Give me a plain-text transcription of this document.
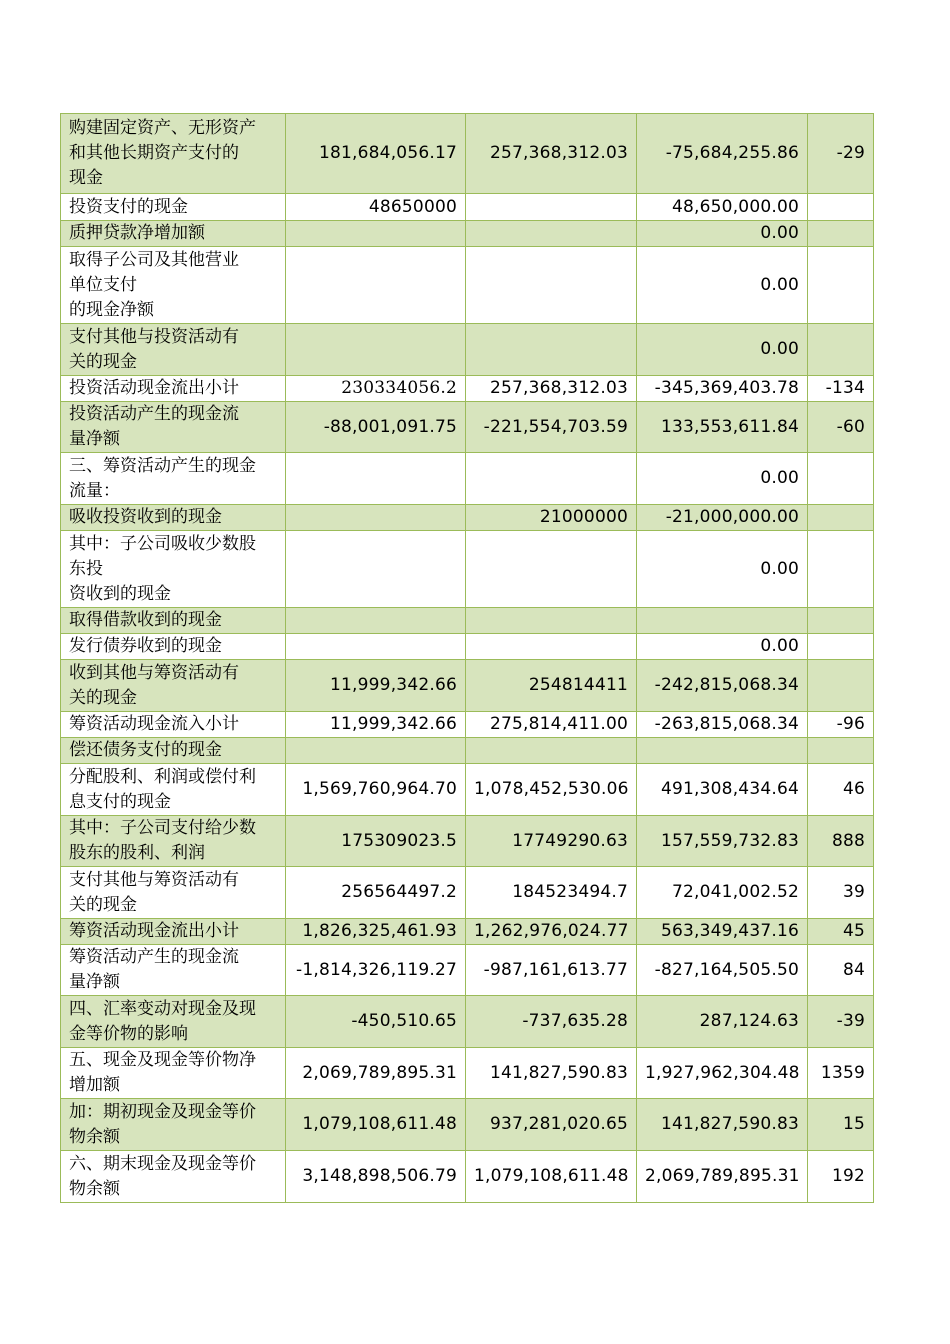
购建固定资产、无形资产
和其他长期资产支付的
现金	181,684,056.17	257,368,312.03	-75,684,255.86	-29

投资支付的现金	48650000		48,650,000.00	

质押贷款净增加额			0.00	

取得子公司及其他营业
单位支付
的现金净额			0.00	

支付其他与投资活动有
关的现金			0.00	

投资活动现金流出小计	230334056.2	257,368,312.03	-345,369,403.78	-134

投资活动产生的现金流
量净额	-88,001,091.75	-221,554,703.59	133,553,611.84	-60

三、筹资活动产生的现金
流量：			0.00	

吸收投资收到的现金		21000000	-21,000,000.00	

其中：子公司吸收少数股
东投
资收到的现金			0.00	

取得借款收到的现金				

发行债券收到的现金			0.00	

收到其他与筹资活动有
关的现金	11,999,342.66	254814411	-242,815,068.34	

筹资活动现金流入小计	11,999,342.66	275,814,411.00	-263,815,068.34	-96

偿还债务支付的现金				

分配股利、利润或偿付利
息支付的现金	1,569,760,964.70	1,078,452,530.06	491,308,434.64	46

其中：子公司支付给少数
股东的股利、利润	175309023.5	17749290.63	157,559,732.83	888

支付其他与筹资活动有
关的现金	256564497.2	184523494.7	72,041,002.52	39

筹资活动现金流出小计	1,826,325,461.93	1,262,976,024.77	563,349,437.16	45

筹资活动产生的现金流
量净额	-1,814,326,119.27	-987,161,613.77	-827,164,505.50	84

四、汇率变动对现金及现
金等价物的影响	-450,510.65	-737,635.28	287,124.63	-39

五、现金及现金等价物净
增加额	2,069,789,895.31	141,827,590.83	1,927,962,304.48	1359

加：期初现金及现金等价
物余额	1,079,108,611.48	937,281,020.65	141,827,590.83	15

六、期末现金及现金等价
物余额	3,148,898,506.79	1,079,108,611.48	2,069,789,895.31	192
